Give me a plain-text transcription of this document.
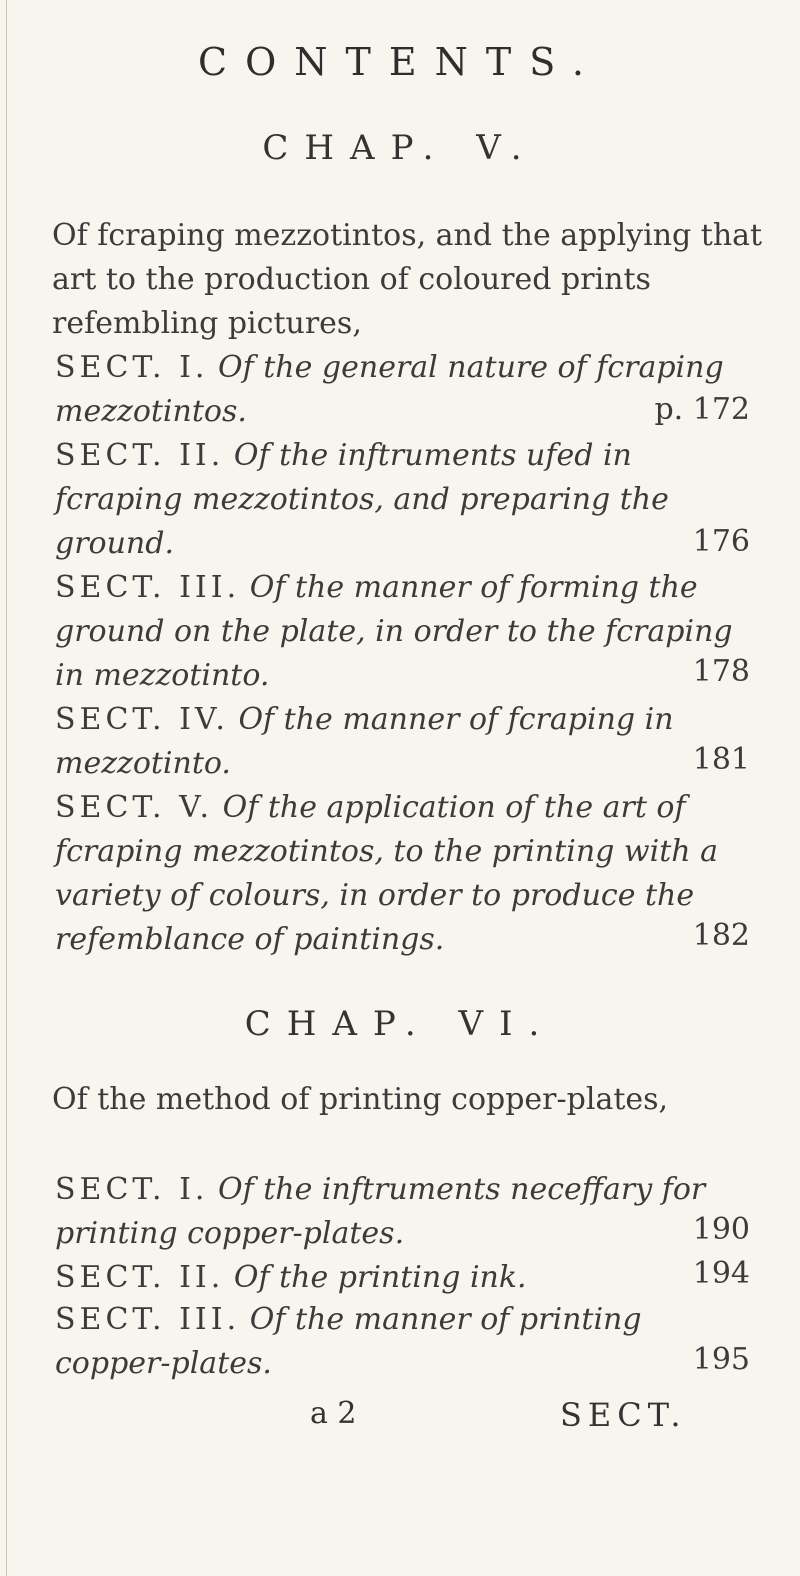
CONTENTS.
CHAP. V.
Of fcraping mezzotintos, and the applying that art to the production of coloured prints refembling pictures,
SECT. I. Of the general nature of fcraping mezzotintos.	p. 172
SECT. II. Of the inftruments ufed in fcraping mezzotintos, and preparing the ground.	176
SECT. III. Of the manner of forming the ground on the plate, in order to the fcraping in mezzotinto.	178
SECT. IV. Of the manner of fcraping in mezzotinto.	181
SECT. V. Of the application of the art of fcraping mezzotintos, to the printing with a variety of colours, in order to produce the refemblance of paintings.	182
CHAP. VI.
Of the method of printing copper-plates,
SECT. I. Of the inftruments neceffary for printing copper-plates.	190
SECT. II. Of the printing ink.	194
SECT. III. Of the manner of printing copper-plates.	195
a 2	SECT.
